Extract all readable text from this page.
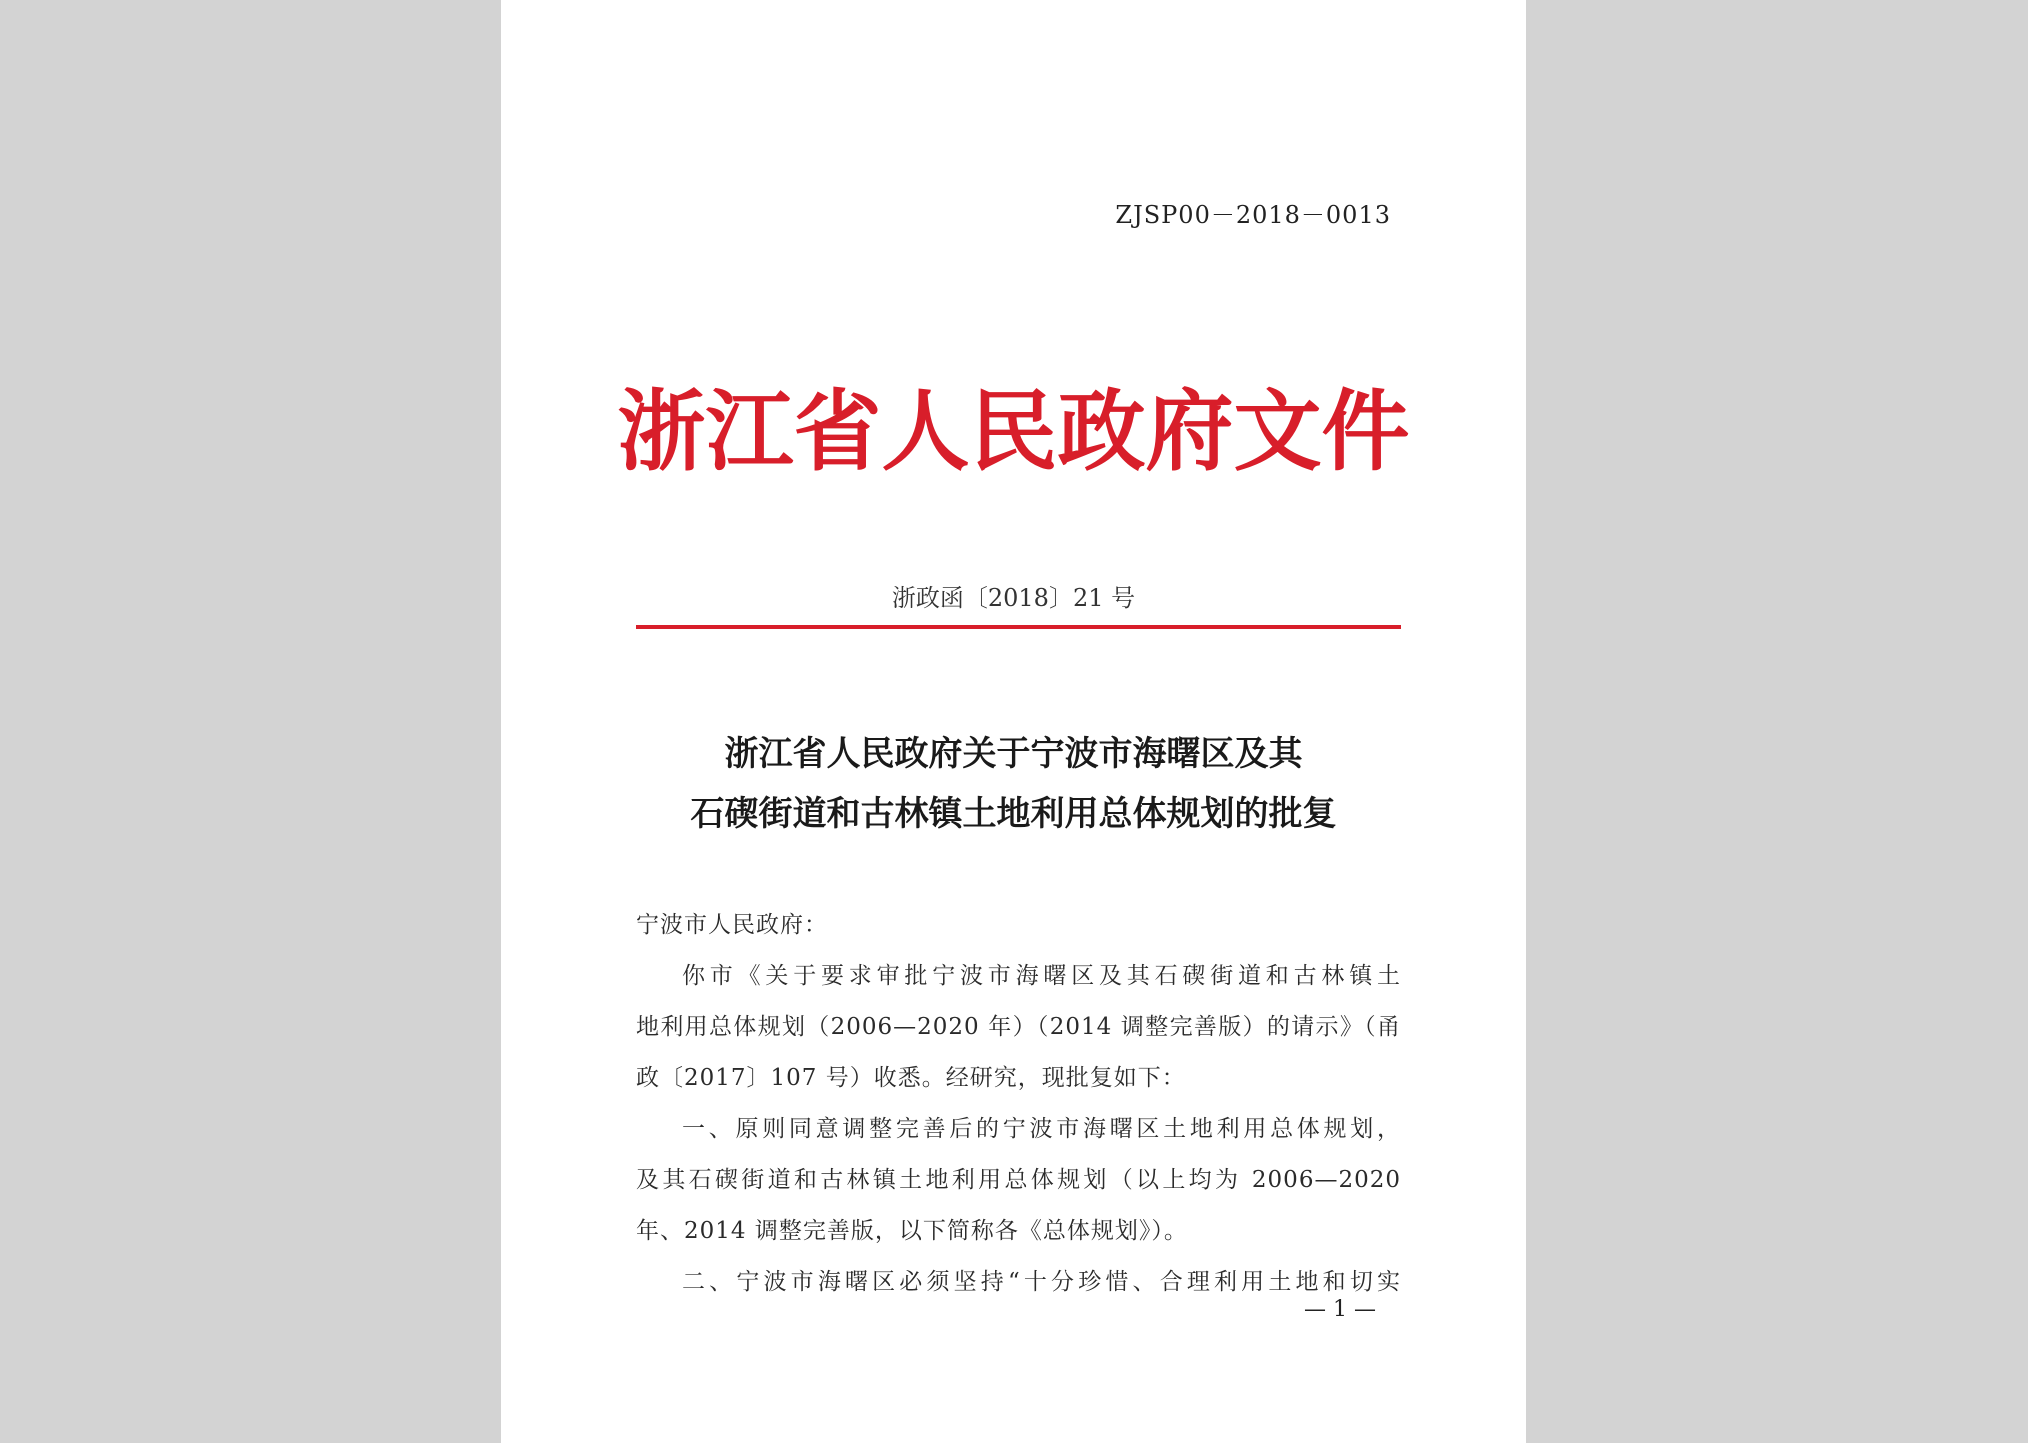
ZJSP00－2018－0013
浙江省人民政府文件
浙政函〔2018〕21 号
浙江省人民政府关于宁波市海曙区及其
石碶街道和古林镇土地利用总体规划的批复
宁波市人民政府：
你市《关于要求审批宁波市海曙区及其石碶街道和古林镇土
地利用总体规划（2006—2020 年）（2014 调整完善版）的请示》（甬
政〔2017〕107 号）收悉。经研究，现批复如下：
一、原则同意调整完善后的宁波市海曙区土地利用总体规划，
及其石碶街道和古林镇土地利用总体规划（以上均为 2006—2020
年、2014 调整完善版，以下简称各《总体规划》）。
二、宁波市海曙区必须坚持“十分珍惜、合理利用土地和切实
— 1 —
